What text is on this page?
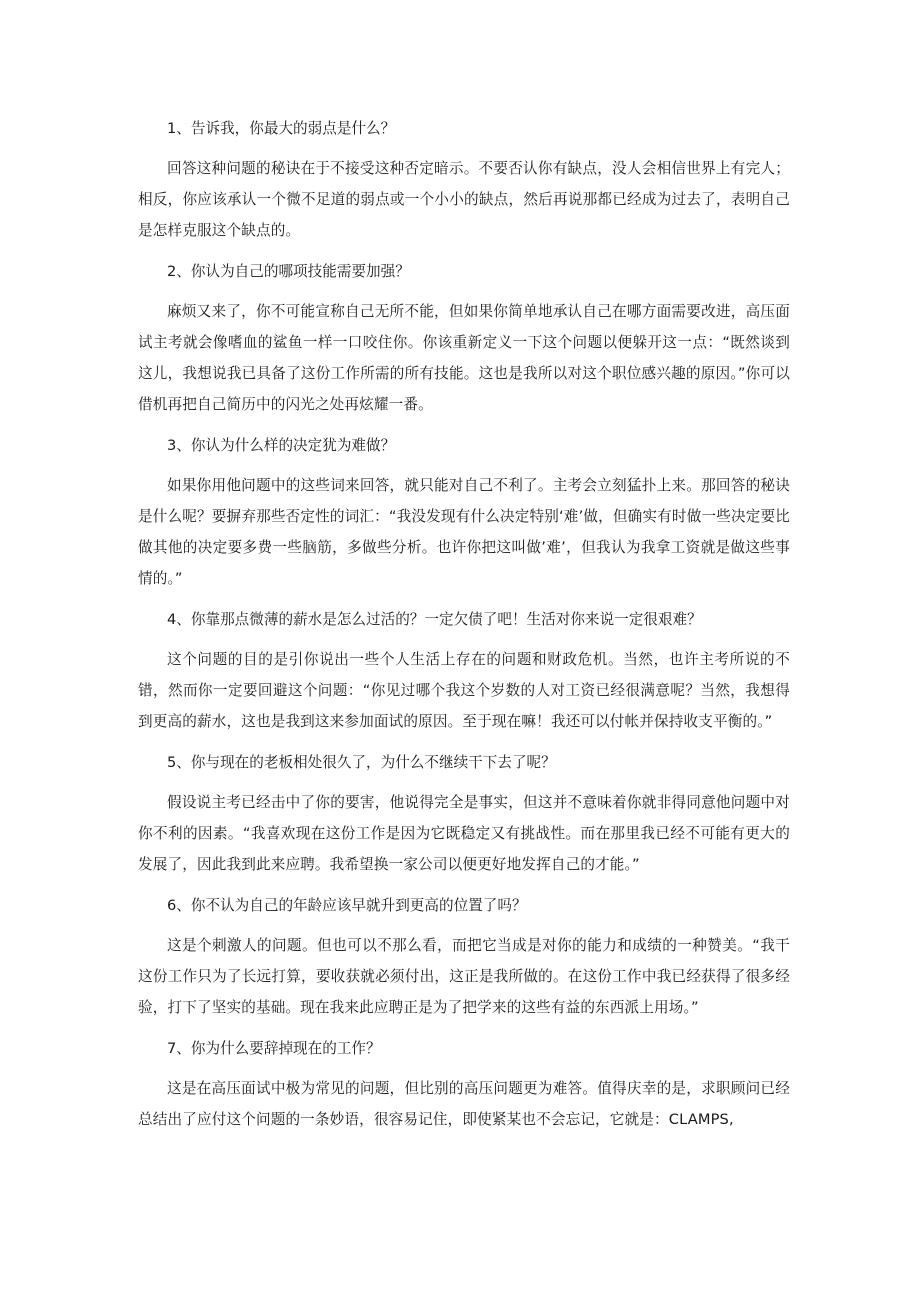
1、告诉我，你最大的弱点是什么？

回答这种问题的秘诀在于不接受这种否定暗示。不要否认你有缺点，没人会相信世界上有完人；相反，你应该承认一个微不足道的弱点或一个小小的缺点，然后再说那都已经成为过去了，表明自己是怎样克服这个缺点的。

2、你认为自己的哪项技能需要加强？

麻烦又来了，你不可能宣称自己无所不能，但如果你简单地承认自己在哪方面需要改进，高压面试主考就会像嗜血的鲨鱼一样一口咬住你。你该重新定义一下这个问题以便躲开这一点：“既然谈到这儿，我想说我已具备了这份工作所需的所有技能。这也是我所以对这个职位感兴趣的原因。”你可以借机再把自己简历中的闪光之处再炫耀一番。

3、你认为什么样的决定犹为难做？

如果你用他问题中的这些词来回答，就只能对自己不利了。主考会立刻猛扑上来。那回答的秘诀是什么呢？要摒弃那些否定性的词汇：“我没发现有什么决定特别‘难’做，但确实有时做一些决定要比做其他的决定要多费一些脑筋，多做些分析。也许你把这叫做’难’，但我认为我拿工资就是做这些事情的。”

4、你靠那点微薄的薪水是怎么过活的？一定欠债了吧！生活对你来说一定很艰难？

这个问题的目的是引你说出一些个人生活上存在的问题和财政危机。当然，也许主考所说的不错，然而你一定要回避这个问题：“你见过哪个我这个岁数的人对工资已经很满意呢？当然，我想得到更高的薪水，这也是我到这来参加面试的原因。至于现在嘛！我还可以付帐并保持收支平衡的。”

5、你与现在的老板相处很久了，为什么不继续干下去了呢？

假设说主考已经击中了你的要害，他说得完全是事实，但这并不意味着你就非得同意他问题中对你不利的因素。“我喜欢现在这份工作是因为它既稳定又有挑战性。而在那里我已经不可能有更大的发展了，因此我到此来应聘。我希望换一家公司以便更好地发挥自己的才能。”

6、你不认为自己的年龄应该早就升到更高的位置了吗？

这是个刺激人的问题。但也可以不那么看，而把它当成是对你的能力和成绩的一种赞美。“我干这份工作只为了长远打算，要收获就必须付出，这正是我所做的。在这份工作中我已经获得了很多经验，打下了坚实的基础。现在我来此应聘正是为了把学来的这些有益的东西派上用场。”

7、你为什么要辞掉现在的工作？

这是在高压面试中极为常见的问题，但比别的高压问题更为难答。值得庆幸的是，求职顾问已经总结出了应付这个问题的一条妙语，很容易记住，即使紧某也不会忘记，它就是：CLAMPS,
